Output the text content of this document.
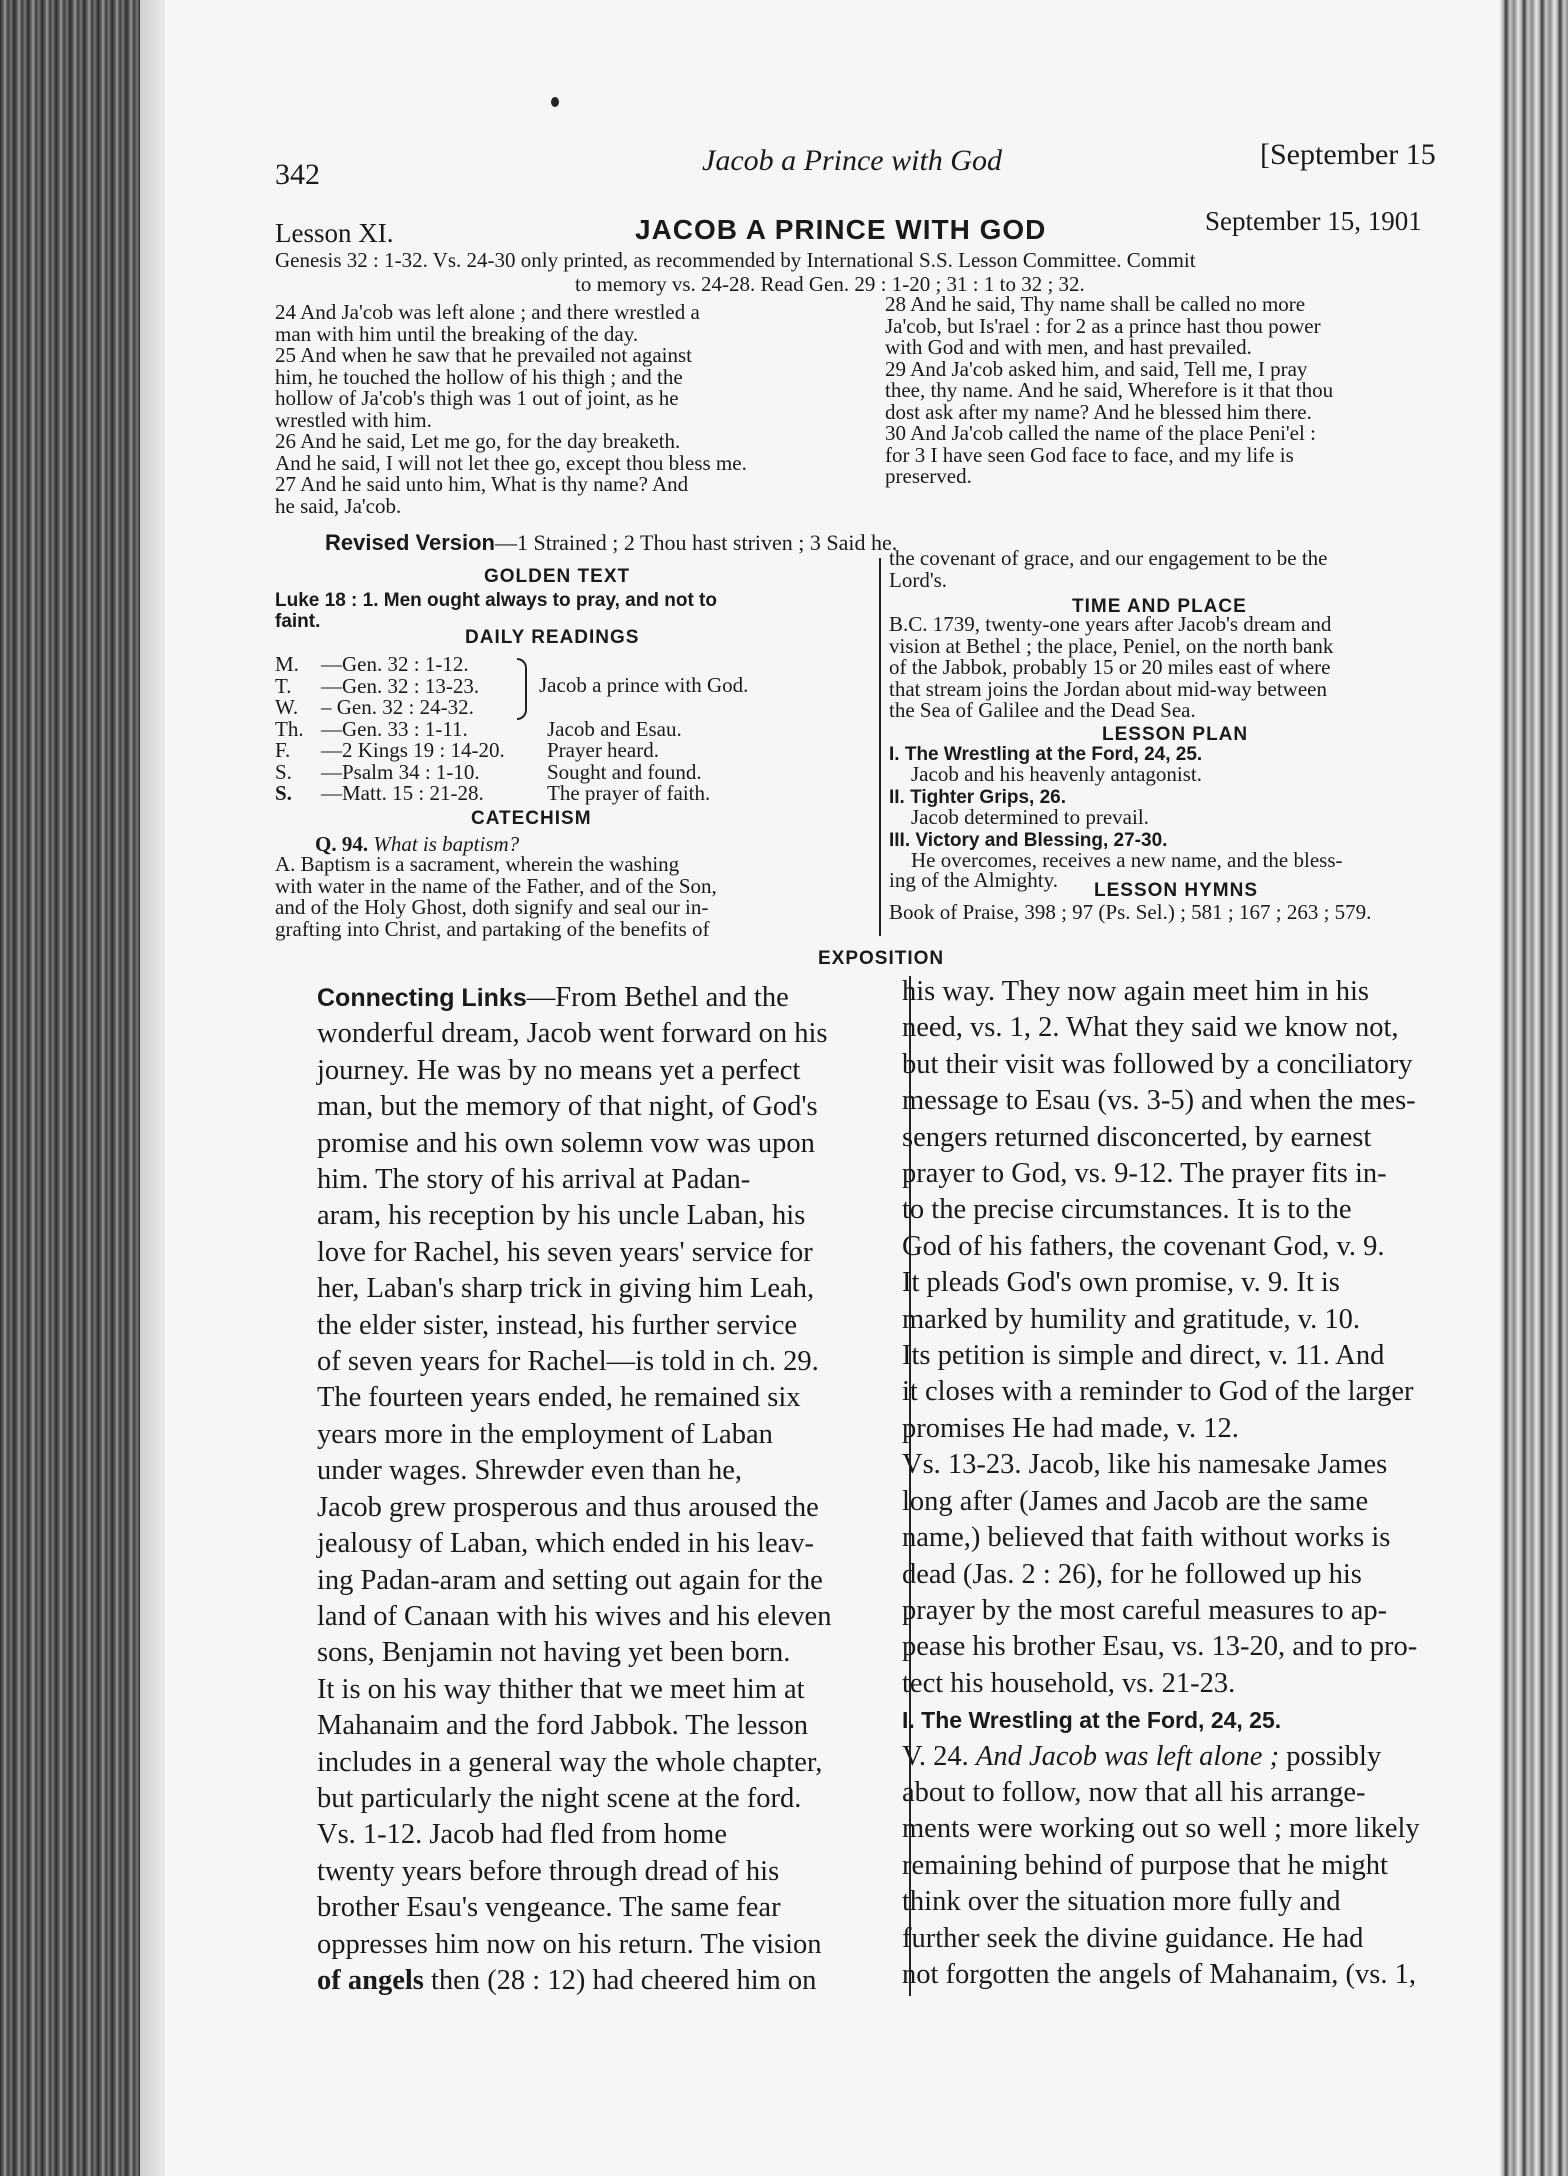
342	Jacob a Prince with God	[September 15
Lesson XI.	JACOB A PRINCE WITH GOD	September 15, 1901
Genesis 32 : 1-32. Vs. 24-30 only printed, as recommended by International S.S. Lesson Committee. Commit
to memory vs. 24-28. Read Gen. 29 : 1-20 ; 31 : 1 to 32 ; 32.
24 And Ja'cob was left alone ; and there wrestled a
man with him until the breaking of the day.
25 And when he saw that he prevailed not against
him, he touched the hollow of his thigh ; and the
hollow of Ja'cob's thigh was 1 out of joint, as he
wrestled with him.
26 And he said, Let me go, for the day breaketh.
And he said, I will not let thee go, except thou bless me.
27 And he said unto him, What is thy name? And
he said, Ja'cob.
28 And he said, Thy name shall be called no more
Ja'cob, but Is'rael : for 2 as a prince hast thou power
with God and with men, and hast prevailed.
29 And Ja'cob asked him, and said, Tell me, I pray
thee, thy name. And he said, Wherefore is it that thou
dost ask after my name? And he blessed him there.
30 And Ja'cob called the name of the place Peni'el :
for 3 I have seen God face to face, and my life is
preserved.
Revised Version—1 Strained ; 2 Thou hast striven ; 3 Said he.
GOLDEN TEXT
Luke 18 : 1. Men ought always to pray, and not to
faint.
DAILY READINGS
CATECHISM
Q. 94. What is baptism?
A. Baptism is a sacrament, wherein the washing
with water in the name of the Father, and of the Son,
and of the Holy Ghost, doth signify and seal our in-
grafting into Christ, and partaking of the benefits of
the covenant of grace, and our engagement to be the
Lord's.
TIME AND PLACE
B.C. 1739, twenty-one years after Jacob's dream and
vision at Bethel ; the place, Peniel, on the north bank
of the Jabbok, probably 15 or 20 miles east of where
that stream joins the Jordan about mid-way between
the Sea of Galilee and the Dead Sea.
LESSON PLAN
ing of the Almighty. LESSON HYMNS
Book of Praise, 398 ; 97 (Ps. Sel.) ; 581 ; 167 ; 263 ; 579.
EXPOSITION
Connecting Links—From Bethel and the
wonderful dream, Jacob went forward on his
journey. He was by no means yet a perfect
man, but the memory of that night, of God's
promise and his own solemn vow was upon
him. The story of his arrival at Padan-
aram, his reception by his uncle Laban, his
love for Rachel, his seven years' service for
her, Laban's sharp trick in giving him Leah,
the elder sister, instead, his further service
of seven years for Rachel—is told in ch. 29.
The fourteen years ended, he remained six
years more in the employment of Laban
under wages. Shrewder even than he,
Jacob grew prosperous and thus aroused the
jealousy of Laban, which ended in his leav-
ing Padan-aram and setting out again for the
land of Canaan with his wives and his eleven
sons, Benjamin not having yet been born.
It is on his way thither that we meet him at
Mahanaim and the ford Jabbok. The lesson
includes in a general way the whole chapter,
but particularly the night scene at the ford.
Vs. 1-12. Jacob had fled from home
twenty years before through dread of his
brother Esau's vengeance. The same fear
oppresses him now on his return. The vision
of angels then (28 : 12) had cheered him on
his way. They now again meet him in his
need, vs. 1, 2. What they said we know not,
but their visit was followed by a conciliatory
message to Esau (vs. 3-5) and when the mes-
sengers returned disconcerted, by earnest
prayer to God, vs. 9-12. The prayer fits in-
to the precise circumstances. It is to the
God of his fathers, the covenant God, v. 9.
It pleads God's own promise, v. 9. It is
marked by humility and gratitude, v. 10.
Its petition is simple and direct, v. 11. And
it closes with a reminder to God of the larger
promises He had made, v. 12.
Vs. 13-23. Jacob, like his namesake James
long after (James and Jacob are the same
name,) believed that faith without works is
dead (Jas. 2 : 26), for he followed up his
prayer by the most careful measures to ap-
pease his brother Esau, vs. 13-20, and to pro-
tect his household, vs. 21-23.
I. The Wrestling at the Ford, 24, 25.
V. 24. And Jacob was left alone ; possibly
about to follow, now that all his arrange-
ments were working out so well ; more likely
remaining behind of purpose that he might
think over the situation more fully and
further seek the divine guidance. He had
not forgotten the angels of Mahanaim, (vs. 1,
M. —Gen. 32 : 1-12.
T. —Gen. 32 : 13-23.	Jacob a prince with God.
W. – Gen. 32 : 24-32.
Th. —Gen. 33 : 1-11.	Jacob and Esau.
F. —2 Kings 19 : 14-20. Prayer heard.
S. —Psalm 34 : 1-10.	Sought and found.
S. —Matt. 15 : 21-28.	The prayer of faith.
I. The Wrestling at the Ford, 24, 25.
Jacob and his heavenly antagonist.
II. Tighter Grips, 26.
Jacob determined to prevail.
III. Victory and Blessing, 27-30.
He overcomes, receives a new name, and the bless-
